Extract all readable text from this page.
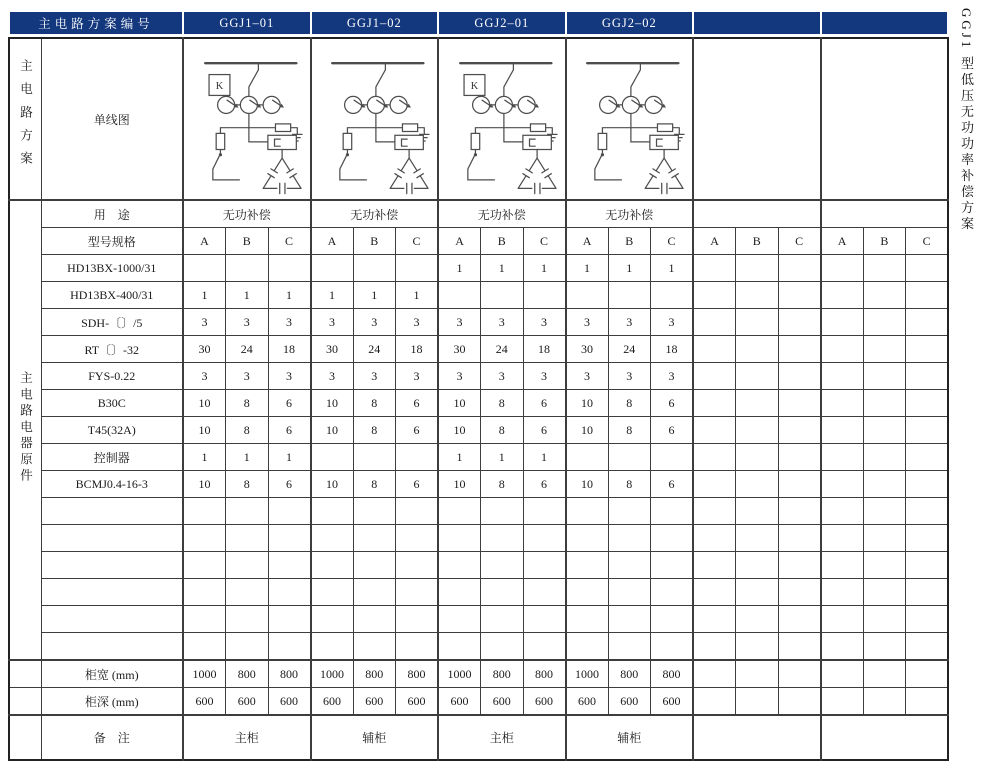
主电路方案编号	GGJ1–01	GGJ1–02	GGJ2–01	GGJ2–02		
主电路方案	单线图	K						K

主电路电器原件	用　途	无功补偿			无功补偿			无功补偿			无功补偿								
	型号规格	A	B	C	A	B	C	A	B	C	A	B	C	A	B	C	A	B	C
	HD13BX-1000/31							1	1	1	1	1	1						
	HD13BX-400/31	1	1	1	1	1	1												
	SDH-〔〕/5	3	3	3	3	3	3	3	3	3	3	3	3						
	RT〔〕-32	30	24	18	30	24	18	30	24	18	30	24	18						
	FYS-0.22	3	3	3	3	3	3	3	3	3	3	3	3						
	B30C	10	8	6	10	8	6	10	8	6	10	8	6						
	T45(32A)	10	8	6	10	8	6	10	8	6	10	8	6						
	控制器	1	1	1				1	1	1									
	BCMJ0.4-16-3	10	8	6	10	8	6	10	8	6	10	8	6						

	柜宽 (mm)	1000	800	800	1000	800	800	1000	800	800	1000	800	800						
	柜深 (mm)	600	600	600	600	600	600	600	600	600	600	600	600						
	备　注	主柜			辅柜			主柜			辅柜								
GGJ1 型低压无功功率补偿方案
